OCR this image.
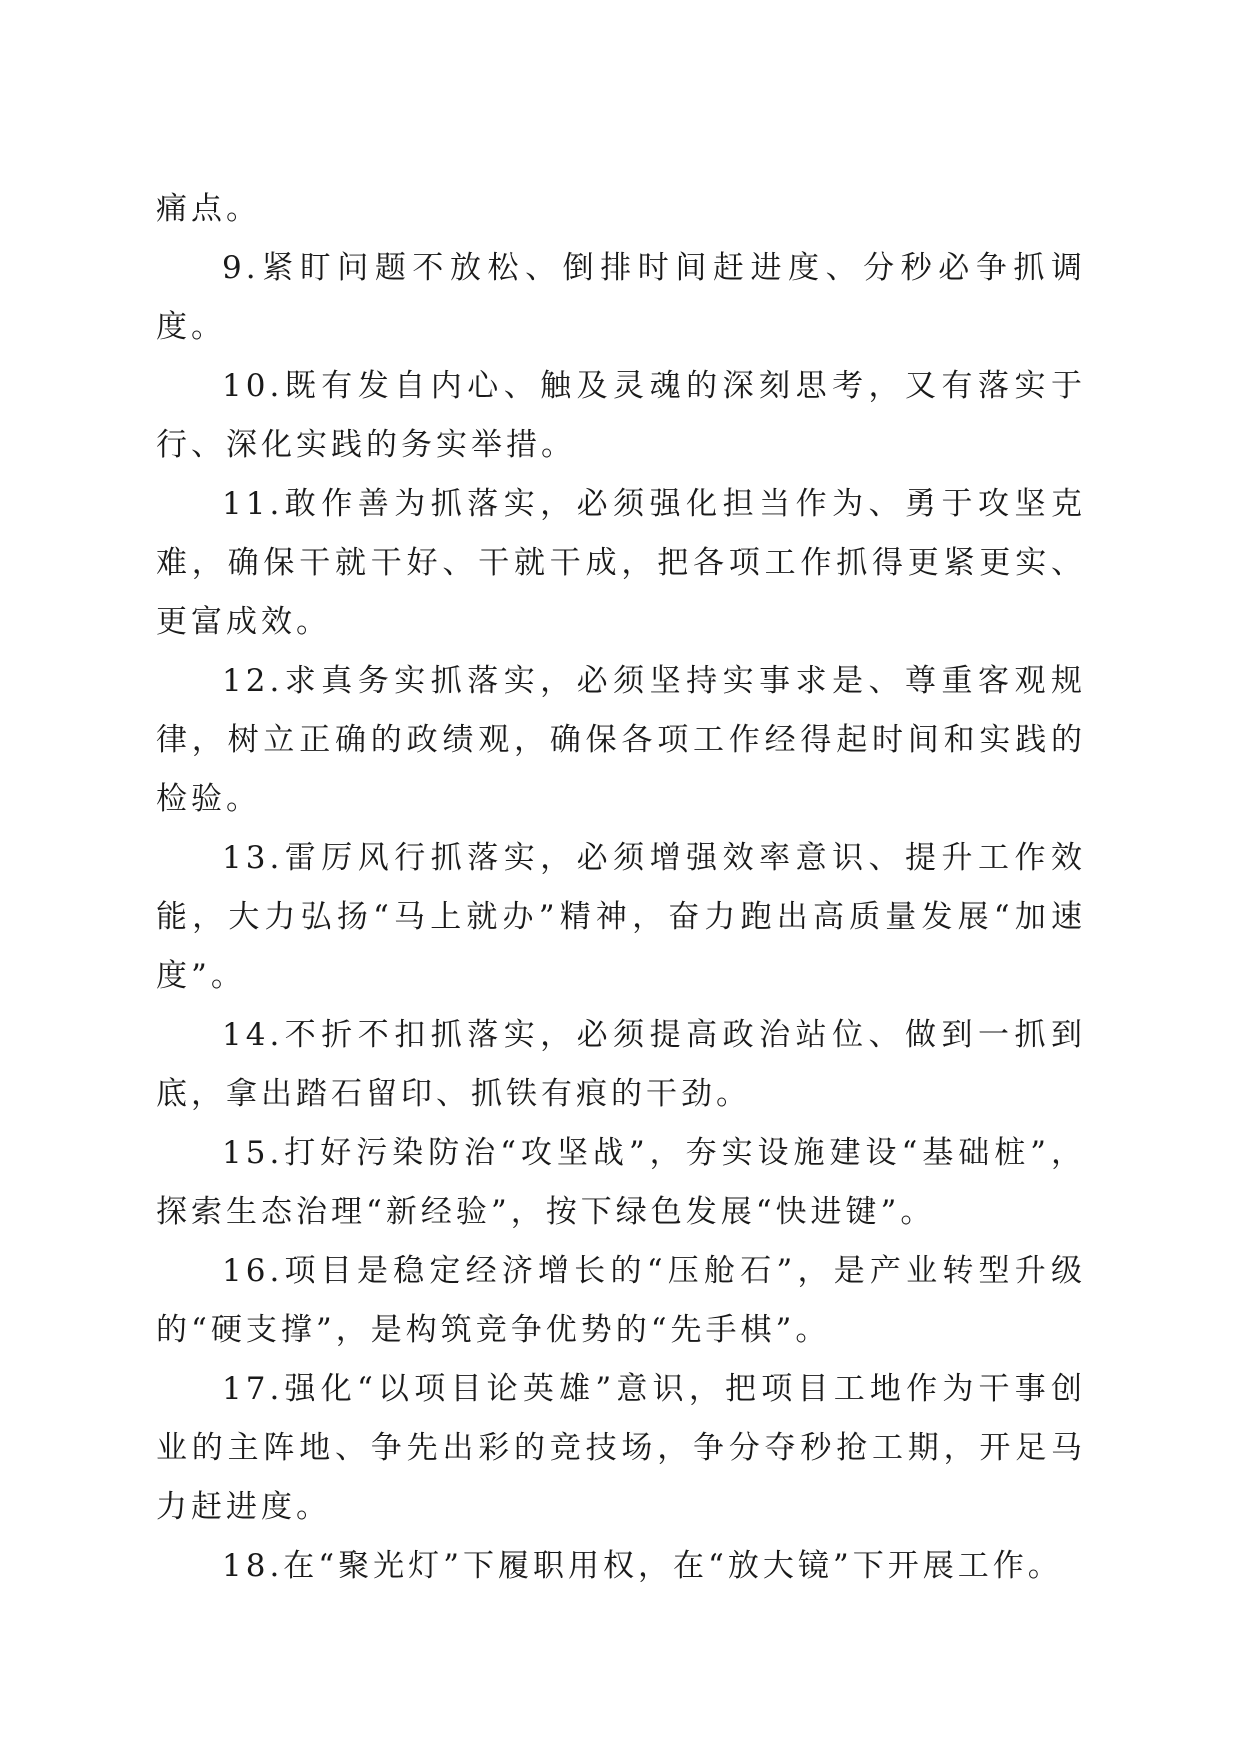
痛点。

9.紧盯问题不放松、倒排时间赶进度、分秒必争抓调度。

10.既有发自内心、触及灵魂的深刻思考，又有落实于行、深化实践的务实举措。

11.敢作善为抓落实，必须强化担当作为、勇于攻坚克难，确保干就干好、干就干成，把各项工作抓得更紧更实、更富成效。

12.求真务实抓落实，必须坚持实事求是、尊重客观规律，树立正确的政绩观，确保各项工作经得起时间和实践的检验。

13.雷厉风行抓落实，必须增强效率意识、提升工作效能，大力弘扬“马上就办”精神，奋力跑出高质量发展“加速度”。

14.不折不扣抓落实，必须提高政治站位、做到一抓到底，拿出踏石留印、抓铁有痕的干劲。

15.打好污染防治“攻坚战”，夯实设施建设“基础桩”，探索生态治理“新经验”，按下绿色发展“快进键”。

16.项目是稳定经济增长的“压舱石”，是产业转型升级的“硬支撑”，是构筑竞争优势的“先手棋”。

17.强化“以项目论英雄”意识，把项目工地作为干事创业的主阵地、争先出彩的竞技场，争分夺秒抢工期，开足马力赶进度。

18.在“聚光灯”下履职用权，在“放大镜”下开展工作。
